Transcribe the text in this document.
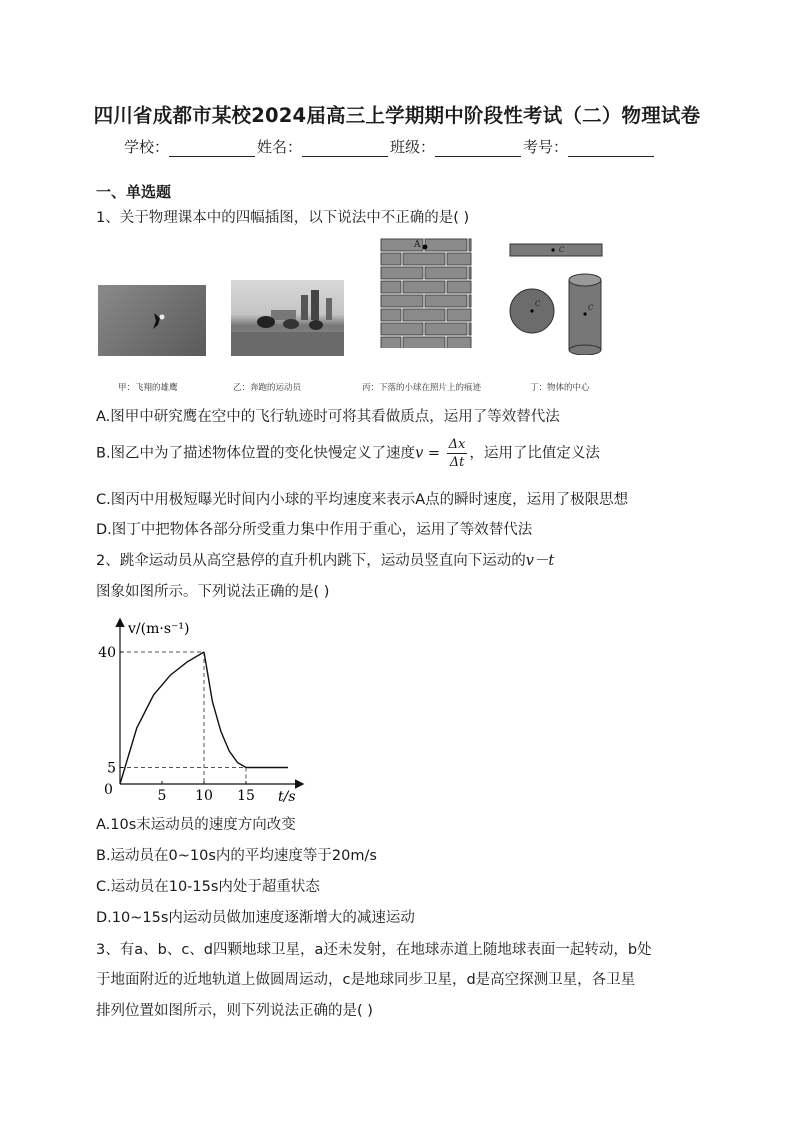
四川省成都市某校2024届高三上学期期中阶段性考试（二）物理试卷
学校：	姓名：	班级：	考号：
一、单选题
1、关于物理课本中的四幅插图，以下说法中不正确的是( )
A	C
C	C
甲：飞翔的雄鹰	乙：奔跑的运动员	丙：下落的小球在照片上的痕迹	丁：物体的中心
A.图甲中研究鹰在空中的飞行轨迹时可将其看做质点，运用了等效替代法
B.图乙中为了描述物体位置的变化快慢定义了速度$v = \frac{\Delta x}{\Delta t}$ ，运用了比值定义法
C.图丙中用极短曝光时间内小球的平均速度来表示A点的瞬时速度，运用了极限思想
D.图丁中把物体各部分所受重力集中作用于重心，运用了等效替代法
2、跳伞运动员从高空悬停的直升机内跳下，运动员竖直向下运动的v－t
图象如图所示。下列说法正确的是( )
5 10 15
5
40
v/(m·s⁻¹)
t/s
0
A.10s末运动员的速度方向改变
B.运动员在0~10s内的平均速度等于20m/s
C.运动员在10-15s内处于超重状态
D.10~15s内运动员做加速度逐渐增大的减速运动
3、有a、b、c、d四颗地球卫星，a还未发射，在地球赤道上随地球表面一起转动，b处
于地面附近的近地轨道上做圆周运动，c是地球同步卫星，d是高空探测卫星，各卫星
排列位置如图所示，则下列说法正确的是( )
